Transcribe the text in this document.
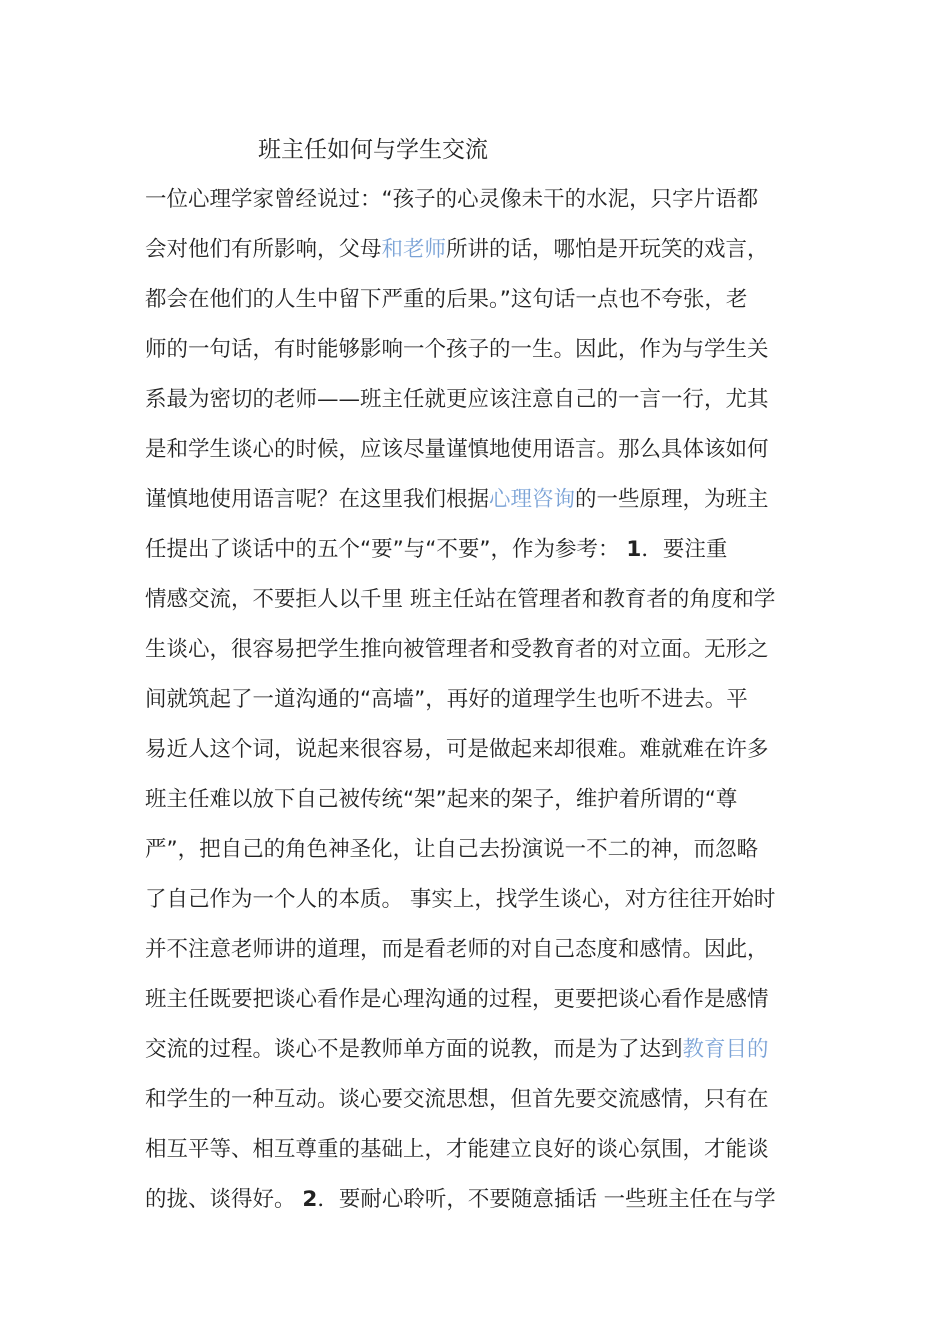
班主任如何与学生交流
一位心理学家曾经说过：“孩子的心灵像未干的水泥，只字片语都
会对他们有所影响，父母和老师所讲的话，哪怕是开玩笑的戏言，
都会在他们的人生中留下严重的后果。”这句话一点也不夸张，老
师的一句话，有时能够影响一个孩子的一生。因此，作为与学生关
系最为密切的老师——班主任就更应该注意自己的一言一行，尤其
是和学生谈心的时候，应该尽量谨慎地使用语言。那么具体该如何
谨慎地使用语言呢？在这里我们根据心理咨询的一些原理，为班主
任提出了谈话中的五个“要”与“不要”，作为参考： 1．要注重
情感交流，不要拒人以千里 班主任站在管理者和教育者的角度和学
生谈心，很容易把学生推向被管理者和受教育者的对立面。无形之
间就筑起了一道沟通的“高墙”，再好的道理学生也听不进去。平
易近人这个词，说起来很容易，可是做起来却很难。难就难在许多
班主任难以放下自己被传统“架”起来的架子，维护着所谓的“尊
严”，把自己的角色神圣化，让自己去扮演说一不二的神，而忽略
了自己作为一个人的本质。 事实上，找学生谈心，对方往往开始时
并不注意老师讲的道理，而是看老师的对自己态度和感情。因此，
班主任既要把谈心看作是心理沟通的过程，更要把谈心看作是感情
交流的过程。谈心不是教师单方面的说教，而是为了达到教育目的
和学生的一种互动。谈心要交流思想，但首先要交流感情，只有在
相互平等、相互尊重的基础上，才能建立良好的谈心氛围，才能谈
的拢、谈得好。 2．要耐心聆听，不要随意插话 一些班主任在与学
